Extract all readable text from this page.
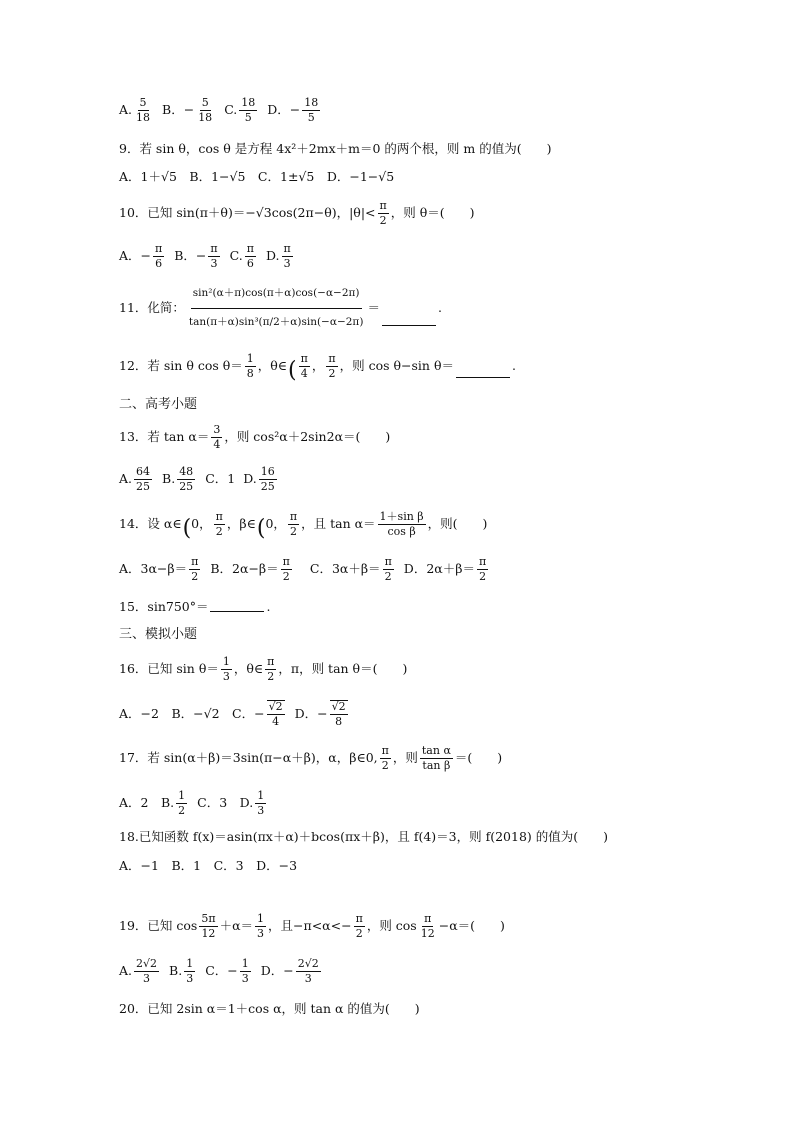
A. 5
18
B．− $\frac{5}{18} C$. 18
5
D．− $\frac{18}{5}$
9．若 sin θ，cos θ 是方程 4x²＋2mx＋m＝0 的两个根，则 m 的值为(　　)
A．1＋√5　B．1−√5　C．1±√5　D．−1−√5
10．已知 sin(π＋θ)＝−√3cos(2π−θ)，|θ|< π
2
，则 θ＝(　　)
A．− $\frac{\pi}{6}$ B．− $\frac{\pi}{3} C$. π
6
D. π
3
11．化简：
sin²(α＋π)cos(π＋α)cos(−α−2π)
tan(π＋α)sin³(π/2＋α)sin(−α−2π)
＝	.
12．若 sin θ cos θ＝ 1
8
，θ∈ ( π
4
， π
2
，则 cos θ−sin θ＝	.
二、高考小题
13．若 tan α＝ 3
4
，则 cos²α＋2sin2α＝(　　)
A. 64
25
B. 48
25
C．1 D. 16
25
14．设 α∈ ( 0， π
2
，β∈ ( 0， π
2
，且 tan α＝ 1＋sin β
cos β
，则(　　)
A．3α−β＝ π
2
B．2α−β＝ π
2
C．3α＋β＝ π
2
D．2α＋β＝ π
2
15．sin750°＝	.
三、模拟小题
16．已知 sin θ＝ 1
3
，θ∈ π
2
，π，则 tan θ＝(　　)
A．−2　B．−√2　C．− $\frac{√2}{4}$ D．− $\frac{√2}{8}$
17．若 sin(α＋β)＝3sin(π−α＋β)，α，β∈0, π
2
，则 tan α
tan β
＝(　　)
A．2　B. 1
2
C．3　D. 1
3
18.已知函数 f(x)＝asin(πx＋α)＋bcos(πx＋β)，且 f(4)＝3，则 f(2018) 的值为(　　)
A．−1　B．1　C．3　D．−3
19．已知 cos 5π
12
＋α＝ 1
3
，且$-\pi<\alpha<- \frac{\pi}{2}$ ，则 cos π
12
−α＝(　　)
A. 2√2
3
B. 1
3
C．− $\frac{1}{3}$ D．− $\frac{2√2}{3}$
20．已知 2sin α＝1＋cos α，则 tan α 的值为(　　)
